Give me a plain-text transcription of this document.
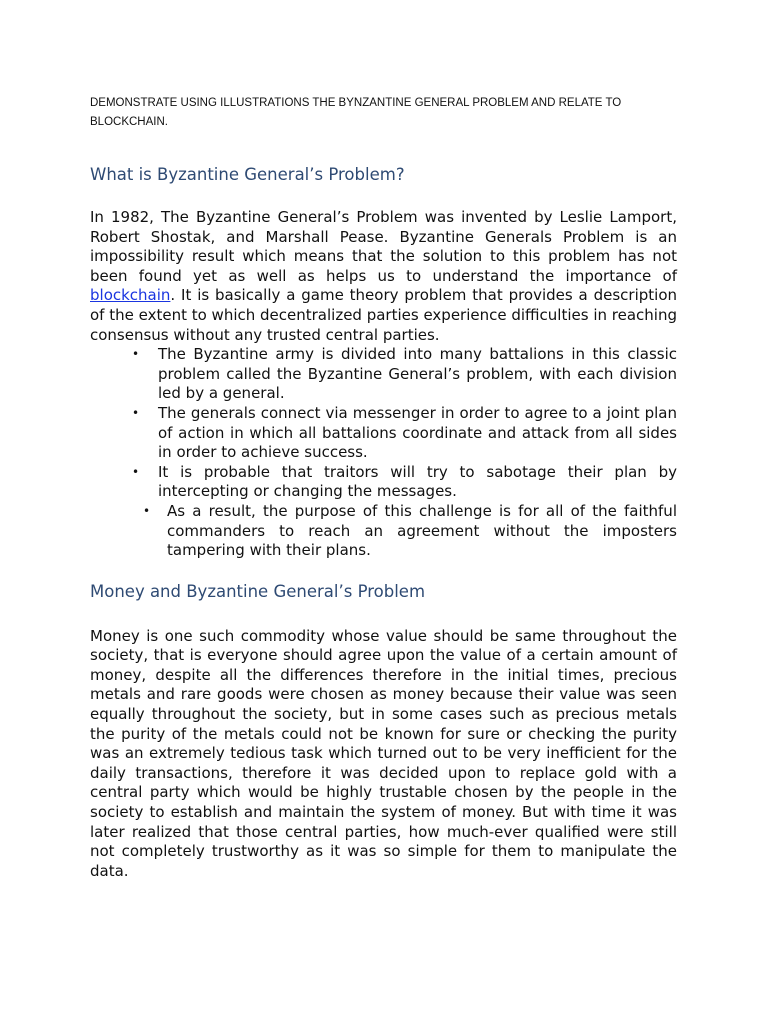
DEMONSTRATE USING ILLUSTRATIONS THE BYNZANTINE GENERAL PROBLEM AND RELATE TO BLOCKCHAIN.

What is Byzantine General’s Problem?

In 1982, The Byzantine General’s Problem was invented by Leslie Lamport, Robert Shostak, and Marshall Pease. Byzantine Generals Problem is an impossibility result which means that the solution to this problem has not been found yet as well as helps us to understand the importance of blockchain. It is basically a game theory problem that provides a description of the extent to which decentralized parties experience difficulties in reaching consensus without any trusted central parties.

• The Byzantine army is divided into many battalions in this classic problem called the Byzantine General’s problem, with each division led by a general.
• The generals connect via messenger in order to agree to a joint plan of action in which all battalions coordinate and attack from all sides in order to achieve success.
• It is probable that traitors will try to sabotage their plan by intercepting or changing the messages.
• As a result, the purpose of this challenge is for all of the faithful commanders to reach an agreement without the imposters tampering with their plans.
Money and Byzantine General’s Problem

Money is one such commodity whose value should be same throughout the society, that is everyone should agree upon the value of a certain amount of money, despite all the differences therefore in the initial times, precious metals and rare goods were chosen as money because their value was seen equally throughout the society, but in some cases such as precious metals the purity of the metals could not be known for sure or checking the purity was an extremely tedious task which turned out to be very inefficient for the daily transactions, therefore it was decided upon to replace gold with a central party which would be highly trustable chosen by the people in the society to establish and maintain the system of money. But with time it was later realized that those central parties, how much-ever qualified were still not completely trustworthy as it was so simple for them to manipulate the data.
